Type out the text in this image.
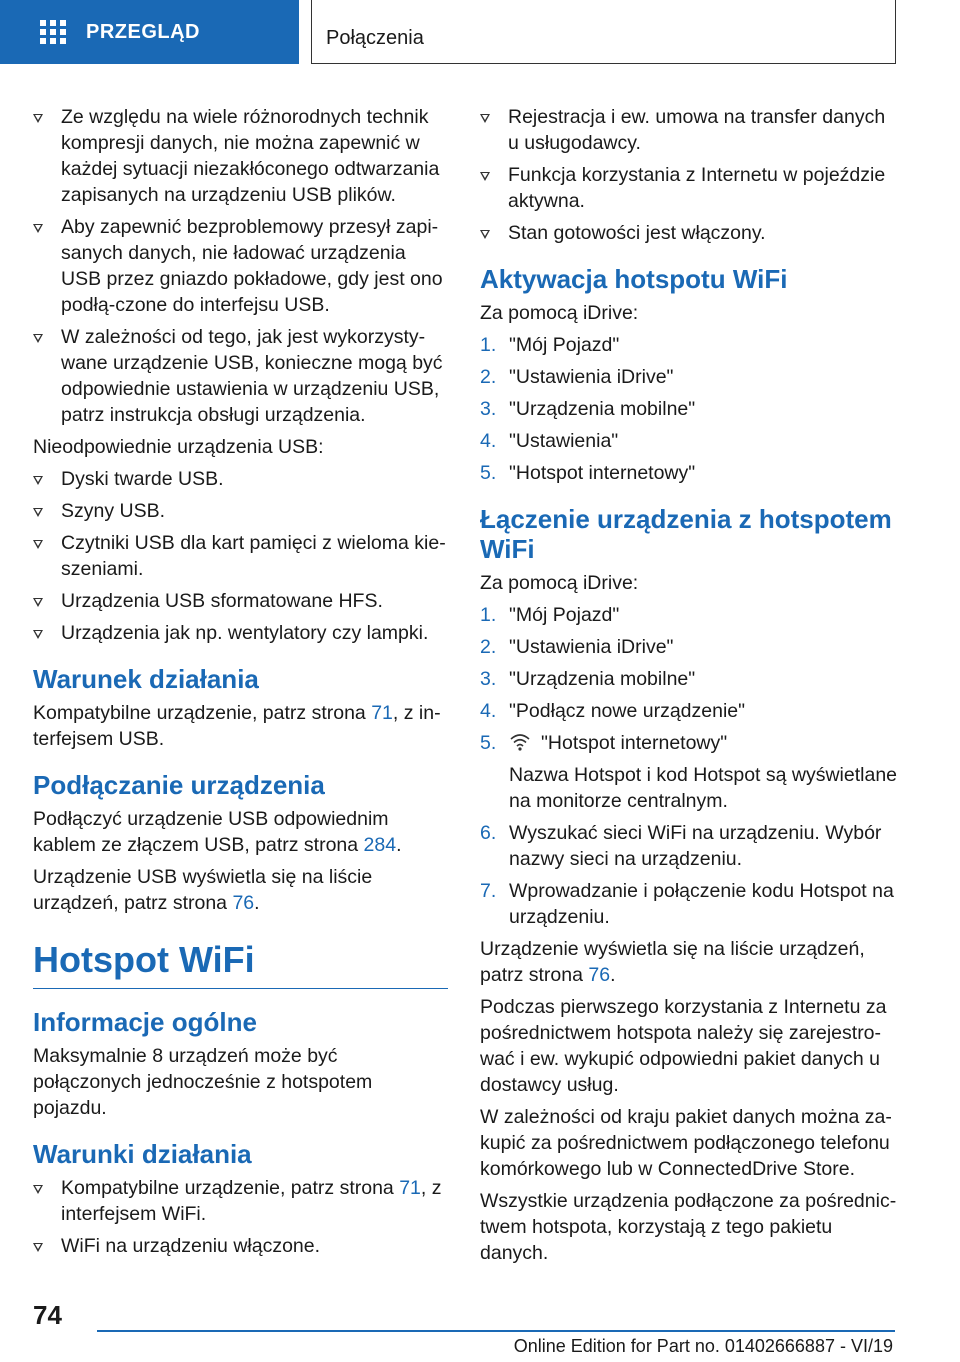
PRZEGLĄD	Połączenia
Ze względu na wiele różnorodnych technik kompresji danych, nie można zapewnić w każdej sytuacji niezakłóconego odtwarzania zapisanych na urządzeniu USB plików.
Aby zapewnić bezproblemowy przesył zapi-sanych danych, nie ładować urządzenia USB przez gniazdo pokładowe, gdy jest ono podłą-czone do interfejsu USB.
W zależności od tego, jak jest wykorzysty-wane urządzenie USB, konieczne mogą być odpowiednie ustawienia w urządzeniu USB, patrz instrukcja obsługi urządzenia.

Nieodpowiednie urządzenia USB:

Dyski twarde USB.
Szyny USB.
Czytniki USB dla kart pamięci z wieloma kie-szeniami.
Urządzenia USB sformatowane HFS.
Urządzenia jak np. wentylatory czy lampki.
Warunek działania

Kompatybilne urządzenie, patrz strona 71, z in-terfejsem USB.

Podłączanie urządzenia

Podłączyć urządzenie USB odpowiednim kablem ze złączem USB, patrz strona 284.

Urządzenie USB wyświetla się na liście urządzeń, patrz strona 76.

Hotspot WiFi
Informacje ogólne

Maksymalnie 8 urządzeń może być połączonych jednocześnie z hotspotem pojazdu.

Warunki działania
Kompatybilne urządzenie, patrz strona 71, z interfejsem WiFi.
WiFi na urządzeniu włączone.
Rejestracja i ew. umowa na transfer danych u usługodawcy.
Funkcja korzystania z Internetu w pojeździe aktywna.
Stan gotowości jest włączony.
Aktywacja hotspotu WiFi

Za pomocą iDrive:

1. "Mój Pojazd"
2. "Ustawienia iDrive"
3. "Urządzenia mobilne"
4. "Ustawienia"
5. "Hotspot internetowy"
Łączenie urządzenia z hotspotem WiFi

Za pomocą iDrive:

1. "Mój Pojazd"
2. "Ustawienia iDrive"
3. "Urządzenia mobilne"
4. "Podłącz nowe urządzenie"
5. "Hotspot internetowy"
Nazwa Hotspot i kod Hotspot są wyświetlane na monitorze centralnym.
6. Wyszukać sieci WiFi na urządzeniu. Wybór nazwy sieci na urządzeniu.
7. Wprowadzanie i połączenie kodu Hotspot na urządzeniu.

Urządzenie wyświetla się na liście urządzeń, patrz strona 76.

Podczas pierwszego korzystania z Internetu za pośrednictwem hotspota należy się zarejestro-wać i ew. wykupić odpowiedni pakiet danych u dostawcy usług.

W zależności od kraju pakiet danych można za-kupić za pośrednictwem podłączonego telefonu komórkowego lub w ConnectedDrive Store.

Wszystkie urządzenia podłączone za pośrednic-twem hotspota, korzystają z tego pakietu danych.

74
Online Edition for Part no. 01402666887 - VI/19
